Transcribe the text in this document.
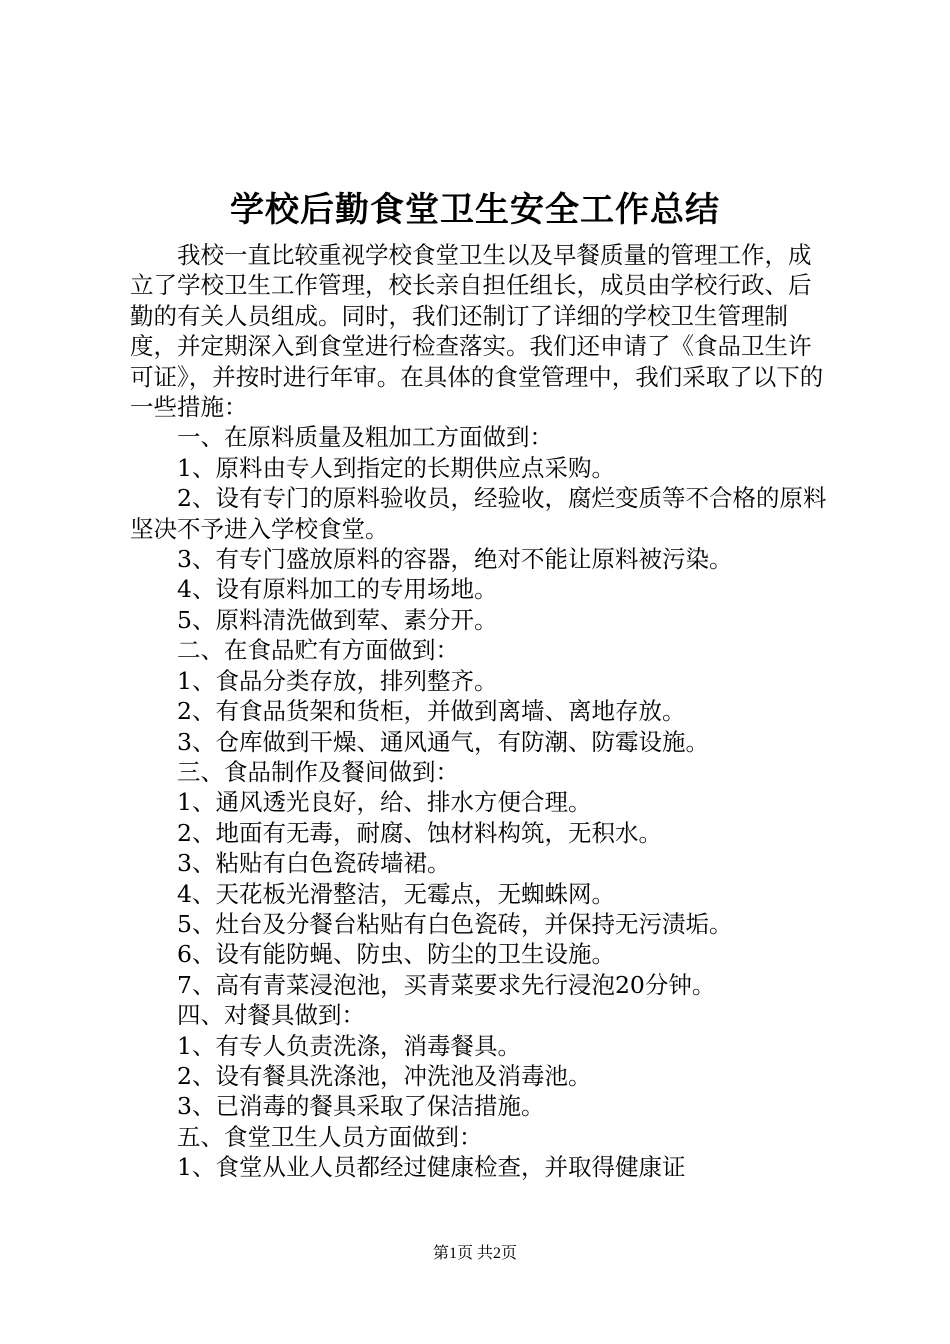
学校后勤食堂卫生安全工作总结

我校一直比较重视学校食堂卫生以及早餐质量的管理工作，成立了学校卫生工作管理，校长亲自担任组长，成员由学校行政、后勤的有关人员组成。同时，我们还制订了详细的学校卫生管理制度，并定期深入到食堂进行检查落实。我们还申请了《食品卫生许可证》，并按时进行年审。在具体的食堂管理中，我们采取了以下的一些措施：

一、在原料质量及粗加工方面做到：

1、原料由专人到指定的长期供应点采购。

2、设有专门的原料验收员，经验收，腐烂变质等不合格的原料坚决不予进入学校食堂。

3、有专门盛放原料的容器，绝对不能让原料被污染。

4、设有原料加工的专用场地。

5、原料清洗做到荤、素分开。

二、在食品贮有方面做到：

1、食品分类存放，排列整齐。

2、有食品货架和货柜，并做到离墙、离地存放。

3、仓库做到干燥、通风通气，有防潮、防霉设施。

三、食品制作及餐间做到：

1、通风透光良好，给、排水方便合理。

2、地面有无毒，耐腐、蚀材料构筑，无积水。

3、粘贴有白色瓷砖墙裙。

4、天花板光滑整洁，无霉点，无蜘蛛网。

5、灶台及分餐台粘贴有白色瓷砖，并保持无污渍垢。

6、设有能防蝇、防虫、防尘的卫生设施。

7、高有青菜浸泡池，买青菜要求先行浸泡20分钟。

四、对餐具做到：

1、有专人负责洗涤，消毒餐具。

2、设有餐具洗涤池，冲洗池及消毒池。

3、已消毒的餐具采取了保洁措施。

五、食堂卫生人员方面做到：

1、食堂从业人员都经过健康检查，并取得健康证

第1页 共2页
